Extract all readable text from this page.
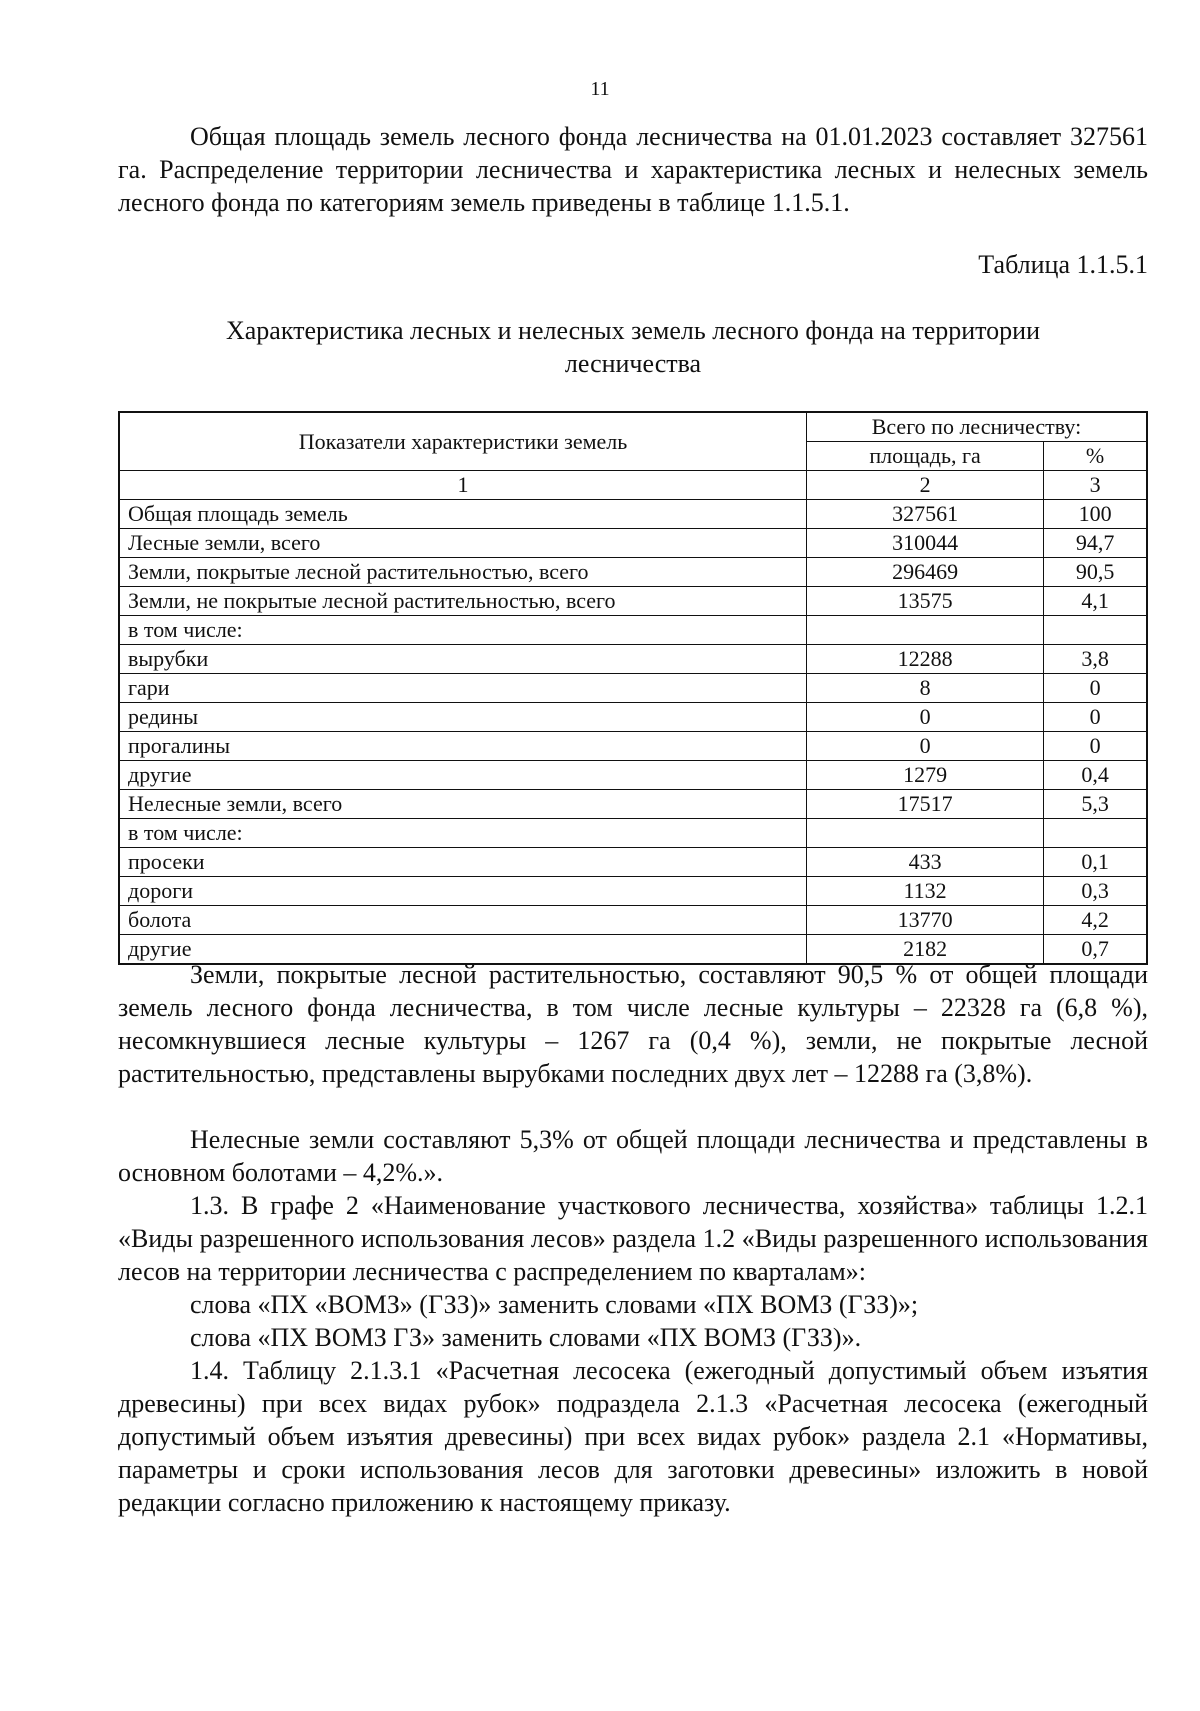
11

Общая площадь земель лесного фонда лесничества на 01.01.2023 составляет 327561 га. Распределение территории лесничества и характеристика лесных и нелесных земель лесного фонда по категориям земель приведены в таблице 1.1.5.1.

Таблица 1.1.5.1
Характеристика лесных и нелесных земель лесного фонда на территории
лесничества
Показатели характеристики земель	Всего по лесничеству:	
	площадь, га	%
1	2	3
Общая площадь земель	327561	100
Лесные земли, всего	310044	94,7
Земли, покрытые лесной растительностью, всего	296469	90,5
Земли, не покрытые лесной растительностью, всего	13575	4,1
в том числе:		
вырубки	12288	3,8
гари	8	0
редины	0	0
прогалины	0	0
другие	1279	0,4
Нелесные земли, всего	17517	5,3
в том числе:		
просеки	433	0,1
дороги	1132	0,3
болота	13770	4,2
другие	2182	0,7

Земли, покрытые лесной растительностью, составляют 90,5 % от общей площади земель лесного фонда лесничества, в том числе лесные культуры – 22328 га (6,8 %), несомкнувшиеся лесные культуры – 1267 га (0,4 %), земли, не покрытые лесной растительностью, представлены вырубками последних двух лет – 12288 га (3,8%).

Нелесные земли составляют 5,3% от общей площади лесничества и представлены в основном болотами – 4,2%.».

1.3. В графе 2 «Наименование участкового лесничества, хозяйства» таблицы 1.2.1 «Виды разрешенного использования лесов» раздела 1.2 «Виды разрешенного использования лесов на территории лесничества с распределением по кварталам»:

слова «ПХ «ВОМЗ» (ГЗЗ)» заменить словами «ПХ ВОМЗ (ГЗЗ)»;

слова «ПХ ВОМЗ ГЗ» заменить словами «ПХ ВОМЗ (ГЗЗ)».

1.4. Таблицу 2.1.3.1 «Расчетная лесосека (ежегодный допустимый объем изъятия древесины) при всех видах рубок» подраздела 2.1.3 «Расчетная лесосека (ежегодный допустимый объем изъятия древесины) при всех видах рубок» раздела 2.1 «Нормативы, параметры и сроки использования лесов для заготовки древесины» изложить в новой редакции согласно приложению к настоящему приказу.
